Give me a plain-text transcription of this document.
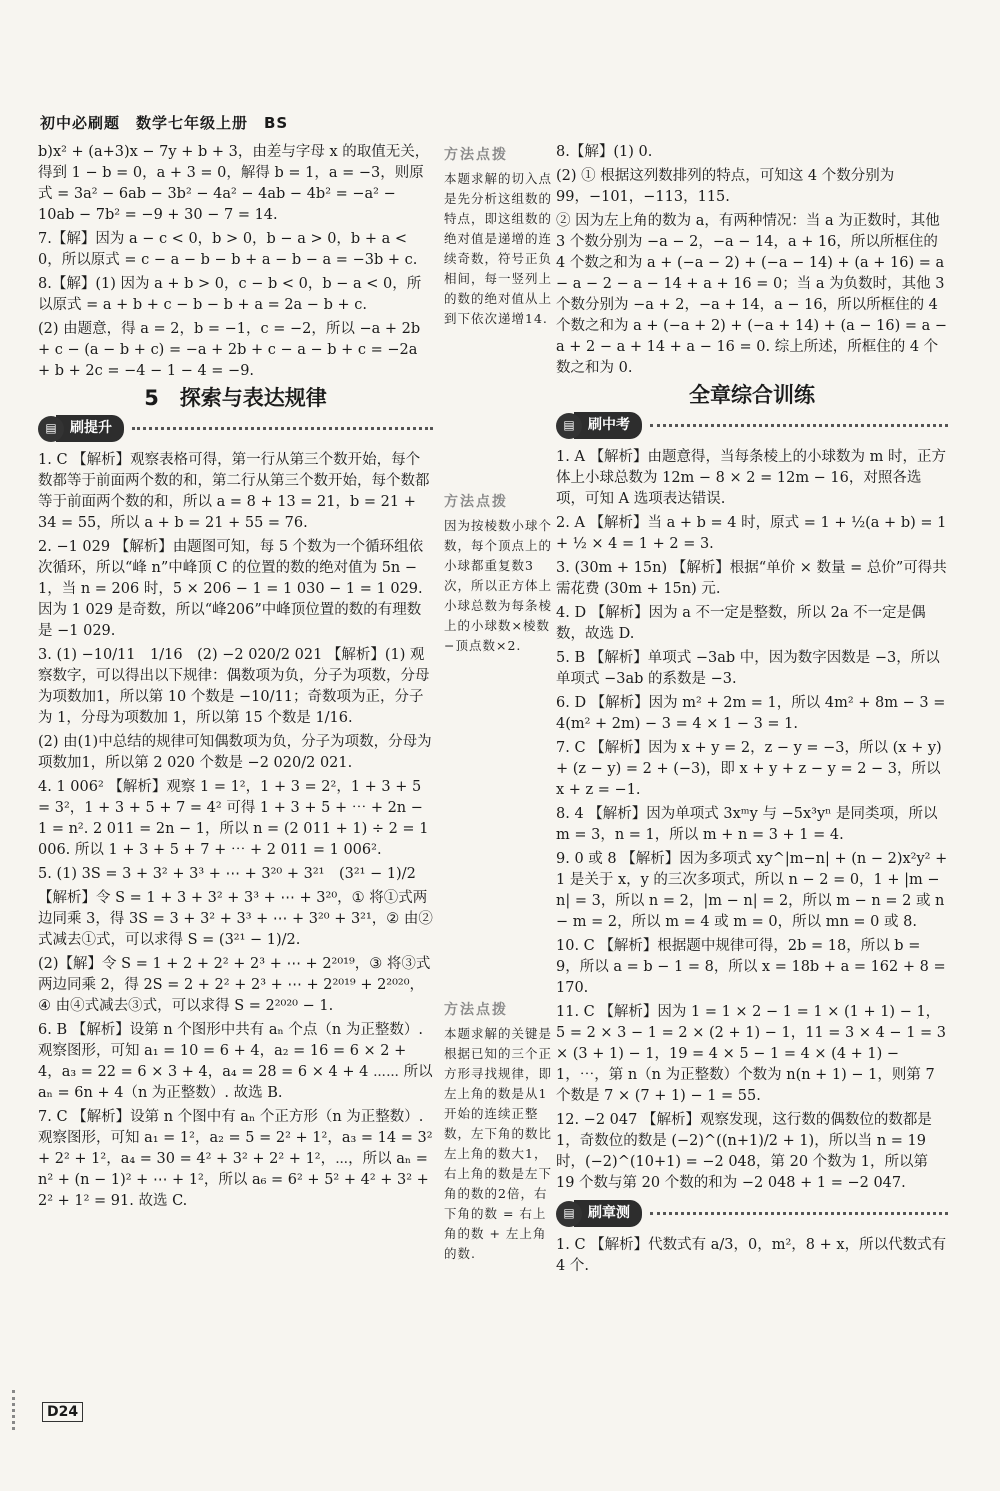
初中必刷题　数学七年级上册　BS
b)x² + (a+3)x − 7y + b + 3，由差与字母 x 的取值无关，得到 1 − b = 0，a + 3 = 0，解得 b = 1，a = −3，则原式 = 3a² − 6ab − 3b² − 4a² − 4ab − 4b² = −a² − 10ab − 7b² = −9 + 30 − 7 = 14.
7.【解】因为 a − c < 0，b > 0，b − a > 0，b + a < 0，所以原式 = c − a − b − b + a − b − a = −3b + c.
8.【解】(1) 因为 a + b > 0，c − b < 0，b − a < 0，所以原式 = a + b + c − b − b + a = 2a − b + c.
(2) 由题意，得 a = 2，b = −1，c = −2，所以 −a + 2b + c − (a − b + c) = −a + 2b + c − a − b + c = −2a + b + 2c = −4 − 1 − 4 = −9.
5　探索与表达规律
▤ 刷提升
1. C 【解析】观察表格可得，第一行从第三个数开始，每个数都等于前面两个数的和，第二行从第三个数开始，每个数都等于前面两个数的和，所以 a = 8 + 13 = 21，b = 21 + 34 = 55，所以 a + b = 21 + 55 = 76.
2. −1 029 【解析】由题图可知，每 5 个数为一个循环组依次循环，所以“峰 n”中峰顶 C 的位置的数的绝对值为 5n − 1，当 n = 206 时，5 × 206 − 1 = 1 030 − 1 = 1 029. 因为 1 029 是奇数，所以“峰206”中峰顶位置的数的有理数是 −1 029.
3. (1) −10/11　1/16　(2) −2 020/2 021 【解析】(1) 观察数字，可以得出以下规律：偶数项为负，分子为项数，分母为项数加1，所以第 10 个数是 −10/11；奇数项为正，分子为 1，分母为项数加 1，所以第 15 个数是 1/16.
(2) 由(1)中总结的规律可知偶数项为负，分子为项数，分母为项数加1，所以第 2 020 个数是 −2 020/2 021.
4. 1 006² 【解析】观察 1 = 1²，1 + 3 = 2²，1 + 3 + 5 = 3²，1 + 3 + 5 + 7 = 4² 可得 1 + 3 + 5 + ⋯ + 2n − 1 = n². 2 011 = 2n − 1，所以 n = (2 011 + 1) ÷ 2 = 1 006. 所以 1 + 3 + 5 + 7 + ⋯ + 2 011 = 1 006².
5. (1) 3S = 3 + 3² + 3³ + ⋯ + 3²⁰ + 3²¹　(3²¹ − 1)/2
【解析】令 S = 1 + 3 + 3² + 3³ + ⋯ + 3²⁰，① 将①式两边同乘 3，得 3S = 3 + 3² + 3³ + ⋯ + 3²⁰ + 3²¹，② 由②式减去①式，可以求得 S = (3²¹ − 1)/2.
(2)【解】令 S = 1 + 2 + 2² + 2³ + ⋯ + 2²⁰¹⁹，③ 将③式两边同乘 2，得 2S = 2 + 2² + 2³ + ⋯ + 2²⁰¹⁹ + 2²⁰²⁰，④ 由④式减去③式，可以求得 S = 2²⁰²⁰ − 1.
6. B 【解析】设第 n 个图形中共有 aₙ 个点（n 为正整数）. 观察图形，可知 a₁ = 10 = 6 + 4，a₂ = 16 = 6 × 2 + 4，a₃ = 22 = 6 × 3 + 4，a₄ = 28 = 6 × 4 + 4 ⋯⋯ 所以 aₙ = 6n + 4（n 为正整数）. 故选 B.
7. C 【解析】设第 n 个图中有 aₙ 个正方形（n 为正整数）. 观察图形，可知 a₁ = 1²，a₂ = 5 = 2² + 1²，a₃ = 14 = 3² + 2² + 1²，a₄ = 30 = 4² + 3² + 2² + 1²，⋯，所以 aₙ = n² + (n − 1)² + ⋯ + 1²，所以 a₆ = 6² + 5² + 4² + 3² + 2² + 1² = 91. 故选 C.
方法点拨
本题求解的切入点是先分析这组数的特点，即这组数的绝对值是递增的连续奇数，符号正负相间，每一竖列上的数的绝对值从上到下依次递增14.
方法点拨
因为按棱数小球个数，每个顶点上的小球都重复数3次，所以正方体上小球总数为每条棱上的小球数×棱数−顶点数×2.
方法点拨
本题求解的关键是根据已知的三个正方形寻找规律，即左上角的数是从1开始的连续正整数，左下角的数比左上角的数大1，右上角的数是左下角的数的2倍，右下角的数 = 右上角的数 + 左上角的数.
8.【解】(1) 0.
(2) ① 根据这列数排列的特点，可知这 4 个数分别为 99，−101，−113，115.
② 因为左上角的数为 a，有两种情况：当 a 为正数时，其他 3 个数分别为 −a − 2，−a − 14，a + 16，所以所框住的 4 个数之和为 a + (−a − 2) + (−a − 14) + (a + 16) = a − a − 2 − a − 14 + a + 16 = 0；当 a 为负数时，其他 3 个数分别为 −a + 2，−a + 14，a − 16，所以所框住的 4 个数之和为 a + (−a + 2) + (−a + 14) + (a − 16) = a − a + 2 − a + 14 + a − 16 = 0. 综上所述，所框住的 4 个数之和为 0.
全章综合训练
▤ 刷中考
1. A 【解析】由题意得，当每条棱上的小球数为 m 时，正方体上小球总数为 12m − 8 × 2 = 12m − 16，对照各选项，可知 A 选项表达错误.
2. A 【解析】当 a + b = 4 时，原式 = 1 + ½(a + b) = 1 + ½ × 4 = 1 + 2 = 3.
3. (30m + 15n) 【解析】根据“单价 × 数量 = 总价”可得共需花费 (30m + 15n) 元.
4. D 【解析】因为 a 不一定是整数，所以 2a 不一定是偶数，故选 D.
5. B 【解析】单项式 −3ab 中，因为数字因数是 −3，所以单项式 −3ab 的系数是 −3.
6. D 【解析】因为 m² + 2m = 1，所以 4m² + 8m − 3 = 4(m² + 2m) − 3 = 4 × 1 − 3 = 1.
7. C 【解析】因为 x + y = 2，z − y = −3，所以 (x + y) + (z − y) = 2 + (−3)，即 x + y + z − y = 2 − 3，所以 x + z = −1.
8. 4 【解析】因为单项式 3xᵐy 与 −5x³yⁿ 是同类项，所以 m = 3，n = 1，所以 m + n = 3 + 1 = 4.
9. 0 或 8 【解析】因为多项式 xy^|m−n| + (n − 2)x²y² + 1 是关于 x，y 的三次多项式，所以 n − 2 = 0，1 + |m − n| = 3，所以 n = 2，|m − n| = 2，所以 m − n = 2 或 n − m = 2，所以 m = 4 或 m = 0，所以 mn = 0 或 8.
10. C 【解析】根据题中规律可得，2b = 18，所以 b = 9，所以 a = b − 1 = 8，所以 x = 18b + a = 162 + 8 = 170.
11. C 【解析】因为 1 = 1 × 2 − 1 = 1 × (1 + 1) − 1，5 = 2 × 3 − 1 = 2 × (2 + 1) − 1，11 = 3 × 4 − 1 = 3 × (3 + 1) − 1，19 = 4 × 5 − 1 = 4 × (4 + 1) − 1，⋯，第 n（n 为正整数）个数为 n(n + 1) − 1，则第 7 个数是 7 × (7 + 1) − 1 = 55.
12. −2 047 【解析】观察发现，这行数的偶数位的数都是 1，奇数位的数是 (−2)^((n+1)/2 + 1)，所以当 n = 19 时，(−2)^(10+1) = −2 048，第 20 个数为 1，所以第 19 个数与第 20 个数的和为 −2 048 + 1 = −2 047.
▤ 刷章测
1. C 【解析】代数式有 a/3，0，m²，8 + x，所以代数式有 4 个.
D24
